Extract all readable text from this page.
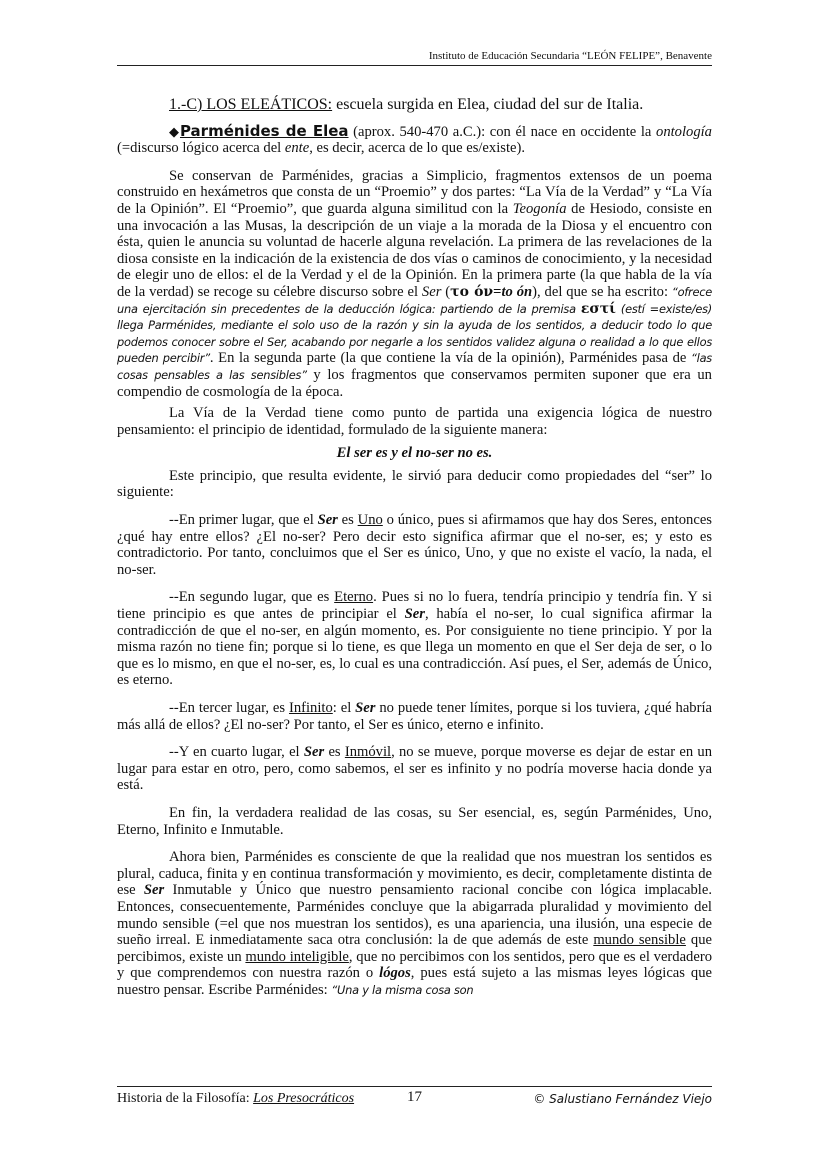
Instituto de Educación Secundaria “LEÓN FELIPE”, Benavente

1.-C) LOS ELEÁTICOS: escuela surgida en Elea, ciudad del sur de Italia.

◆Parménides de Elea (aprox. 540-470 a.C.): con él nace en occidente la ontología (=discurso lógico acerca del ente, es decir, acerca de lo que es/existe).

Se conservan de Parménides, gracias a Simplicio, fragmentos extensos de un poema construido en hexámetros que consta de un “Proemio” y dos partes: “La Vía de la Verdad” y “La Vía de la Opinión”. El “Proemio”, que guarda alguna similitud con la Teogonía de Hesiodo, consiste en una invocación a las Musas, la descripción de un viaje a la morada de la Diosa y el encuentro con ésta, quien le anuncia su voluntad de hacerle alguna revelación. La primera de las revelaciones de la diosa consiste en la indicación de la existencia de dos vías o caminos de conocimiento, y la necesidad de elegir uno de ellos: el de la Verdad y el de la Opinión. En la primera parte (la que habla de la vía de la verdad) se recoge su célebre discurso sobre el Ser (το όν=to ón), del que se ha escrito: “ofrece una ejercitación sin precedentes de la deducción lógica: partiendo de la premisa εστί (estí =existe/es) llega Parménides, mediante el solo uso de la razón y sin la ayuda de los sentidos, a deducir todo lo que podemos conocer sobre el Ser, acabando por negarle a los sentidos validez alguna o realidad a lo que ellos pueden percibir”. En la segunda parte (la que contiene la vía de la opinión), Parménides pasa de “las cosas pensables a las sensibles” y los fragmentos que conservamos permiten suponer que era un compendio de cosmología de la época.

La Vía de la Verdad tiene como punto de partida una exigencia lógica de nuestro pensamiento: el principio de identidad, formulado de la siguiente manera:

El ser es y el no-ser no es.

Este principio, que resulta evidente, le sirvió para deducir como propiedades del “ser” lo siguiente:

--En primer lugar, que el Ser es Uno o único, pues si afirmamos que hay dos Seres, entonces ¿qué hay entre ellos? ¿El no-ser? Pero decir esto significa afirmar que el no-ser, es; y esto es contradictorio. Por tanto, concluimos que el Ser es único, Uno, y que no existe el vacío, la nada, el no-ser.

--En segundo lugar, que es Eterno. Pues si no lo fuera, tendría principio y tendría fin. Y si tiene principio es que antes de principiar el Ser, había el no-ser, lo cual significa afirmar la contradicción de que el no-ser, en algún momento, es. Por consiguiente no tiene principio. Y por la misma razón no tiene fin; porque si lo tiene, es que llega un momento en que el Ser deja de ser, o lo que es lo mismo, en que el no-ser, es, lo cual es una contradicción. Así pues, el Ser, además de Único, es eterno.

--En tercer lugar, es Infinito: el Ser no puede tener límites, porque si los tuviera, ¿qué habría más allá de ellos? ¿El no-ser? Por tanto, el Ser es único, eterno e infinito.

--Y en cuarto lugar, el Ser es Inmóvil, no se mueve, porque moverse es dejar de estar en un lugar para estar en otro, pero, como sabemos, el ser es infinito y no podría moverse hacia donde ya está.

En fin, la verdadera realidad de las cosas, su Ser esencial, es, según Parménides, Uno, Eterno, Infinito e Inmutable.

Ahora bien, Parménides es consciente de que la realidad que nos muestran los sentidos es plural, caduca, finita y en continua transformación y movimiento, es decir, completamente distinta de ese Ser Inmutable y Único que nuestro pensamiento racional concibe con lógica implacable. Entonces, consecuentemente, Parménides concluye que la abigarrada pluralidad y movimiento del mundo sensible (=el que nos muestran los sentidos), es una apariencia, una ilusión, una especie de sueño irreal. E inmediatamente saca otra conclusión: la de que además de este mundo sensible que percibimos, existe un mundo inteligible, que no percibimos con los sentidos, pero que es el verdadero y que comprendemos con nuestra razón o lógos, pues está sujeto a las mismas leyes lógicas que nuestro pensar. Escribe Parménides: “Una y la misma cosa son

Historia de la Filosofía: Los Presocráticos	17	© Salustiano Fernández Viejo
